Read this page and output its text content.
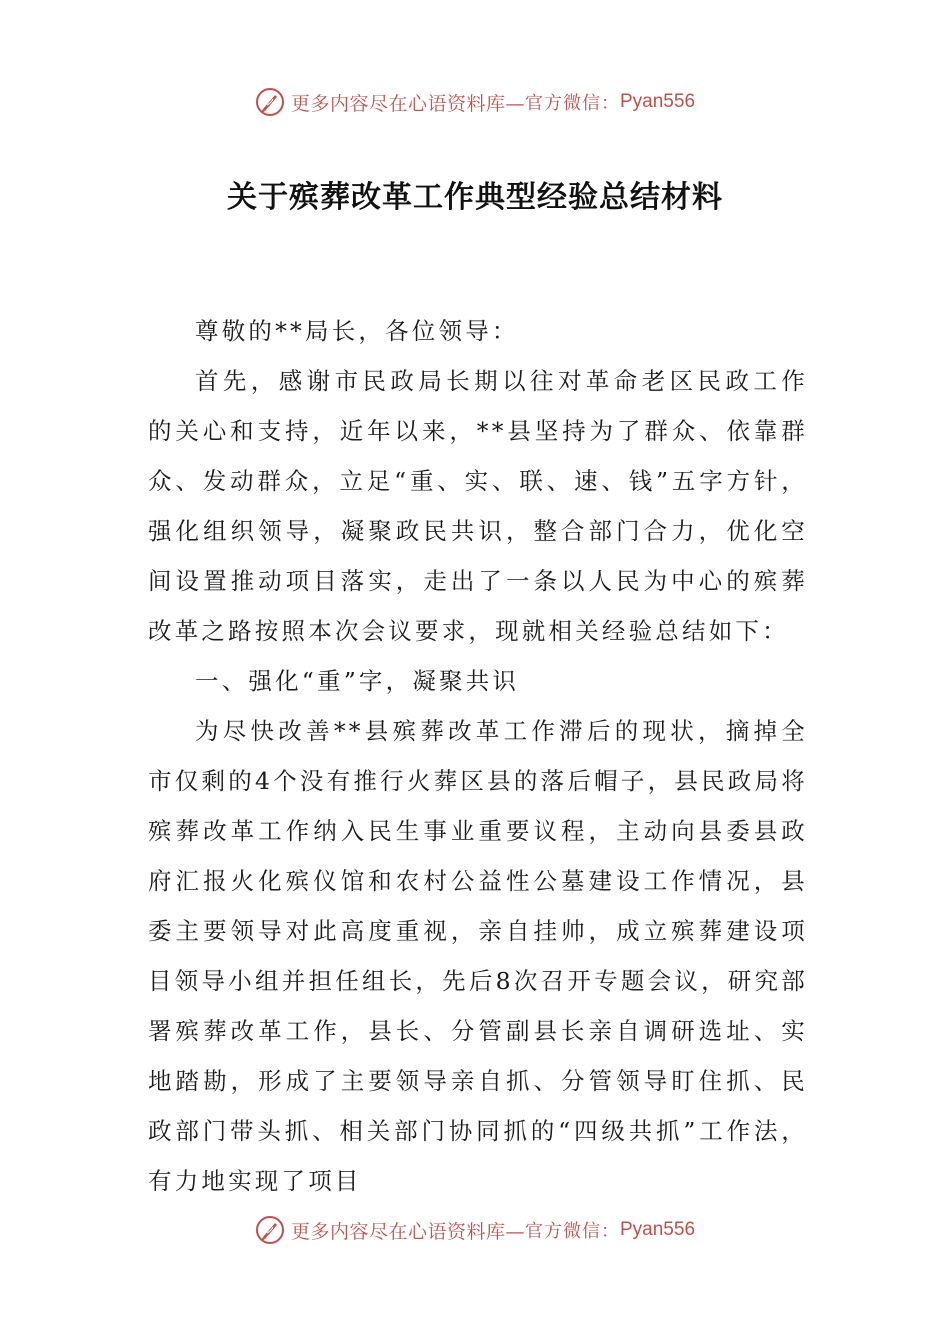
更多内容尽在心语资料库— 官方微信： Pyan556
关于殡葬改革工作典型经验总结材料

尊敬的**局长，各位领导：

首先，感谢市民政局长期以往对革命老区民政工作的关心和支持，近年以来，**县坚持为了群众、依靠群众、发动群众，立足“重、实、联、速、钱”五字方针，强化组织领导，凝聚政民共识，整合部门合力，优化空间设置推动项目落实，走出了一条以人民为中心的殡葬改革之路按照本次会议要求，现就相关经验总结如下：

一、强化“重”字，凝聚共识

为尽快改善**县殡葬改革工作滞后的现状，摘掉全市仅剩的4个没有推行火葬区县的落后帽子，县民政局将殡葬改革工作纳入民生事业重要议程，主动向县委县政府汇报火化殡仪馆和农村公益性公墓建设工作情况，县委主要领导对此高度重视，亲自挂帅，成立殡葬建设项目领导小组并担任组长，先后8次召开专题会议，研究部署殡葬改革工作，县长、分管副县长亲自调研选址、实地踏勘，形成了主要领导亲自抓、分管领导盯住抓、民政部门带头抓、相关部门协同抓的“四级共抓”工作法，有力地实现了项目

更多内容尽在心语资料库— 官方微信： Pyan556
